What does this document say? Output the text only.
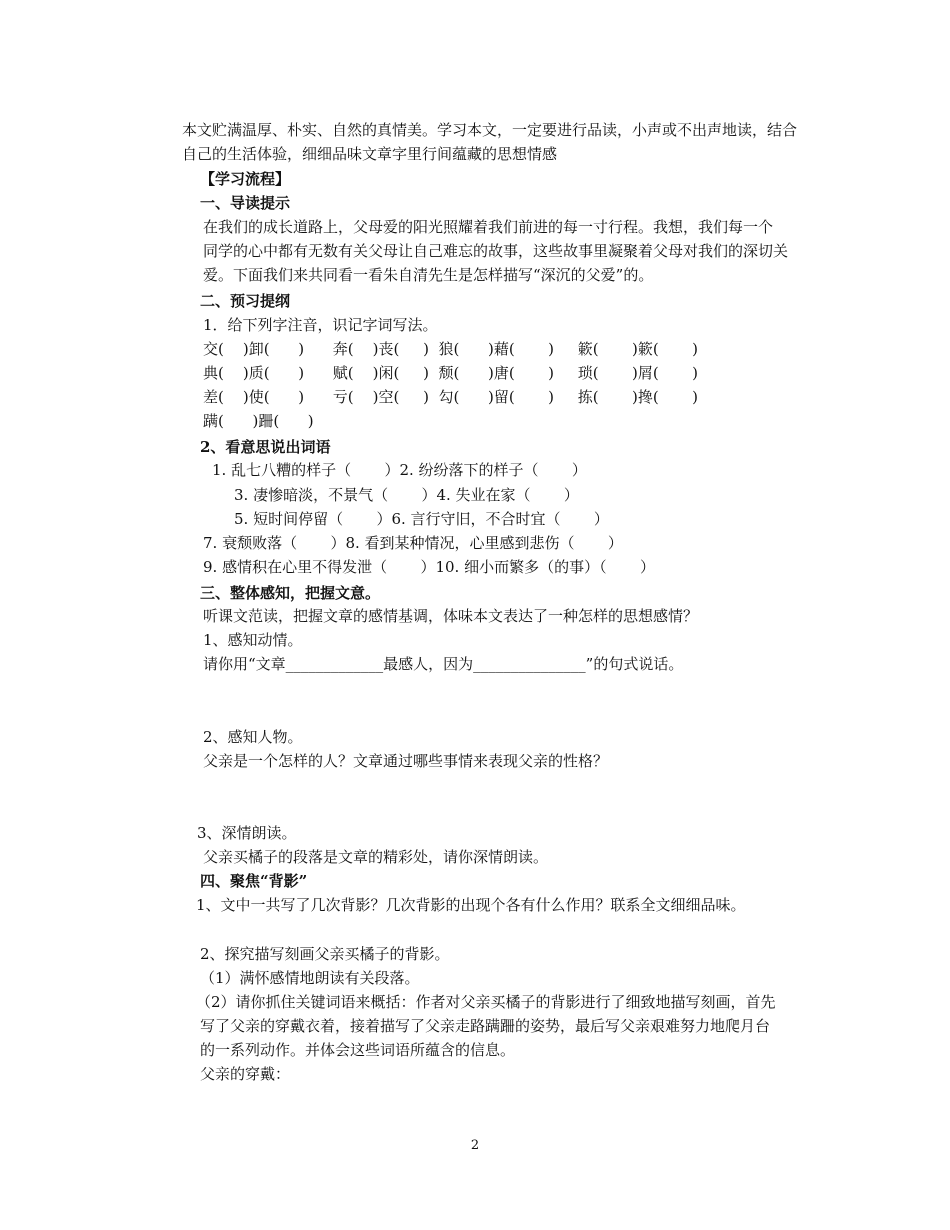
本文贮满温厚、朴实、自然的真情美。学习本文，一定要进行品读，小声或不出声地读，结合
自己的生活体验，细细品味文章字里行间蕴藏的思想情感
【学习流程】
一、导读提示
在我们的成长道路上，父母爱的阳光照耀着我们前进的每一寸行程。我想，我们每一个
同学的心中都有无数有关父母让自己难忘的故事，这些故事里凝聚着父母对我们的深切关
爱。下面我们来共同看一看朱自清先生是怎样描写“深沉的父爱”的。
二、预习提纲
1．给下列字注音，识记字词写法。
交(    )卸(      )      奔(    )丧(     )  狼(      )藉(       )     簌(       )簌(       )
典(    )质(      )      赋(    )闲(     )  颓(      )唐(       )     琐(       )屑(       )
差(    )使(      )      亏(    )空(     )  勾(      )留(       )     拣(       )搀(       )
蹒(      )跚(      )
2、看意思说出词语
1. 乱七八糟的样子（       ）2. 纷纷落下的样子（       ）
3. 凄惨暗淡，不景气（       ）4. 失业在家（       ）
5. 短时间停留（       ）6. 言行守旧，不合时宜（       ）
7. 衰颓败落（       ）8. 看到某种情况，心里感到悲伤（       ）
9. 感情积在心里不得发泄（       ）10. 细小而繁多（的事）（       ）
三、整体感知，把握文意。
听课文范读，把握文章的感情基调，体味本文表达了一种怎样的思想感情？
1、感知动情。
请你用“文章_____________最感人，因为_______________”的句式说话。
2、感知人物。
父亲是一个怎样的人？文章通过哪些事情来表现父亲的性格？
3、深情朗读。
父亲买橘子的段落是文章的精彩处，请你深情朗读。
四、聚焦“背影”
1、文中一共写了几次背影？几次背影的出现个各有什么作用？联系全文细细品味。
2、探究描写刻画父亲买橘子的背影。
（1）满怀感情地朗读有关段落。
（2）请你抓住关键词语来概括：作者对父亲买橘子的背影进行了细致地描写刻画，首先
写了父亲的穿戴衣着，接着描写了父亲走路蹒跚的姿势，最后写父亲艰难努力地爬月台
的一系列动作。并体会这些词语所蕴含的信息。
父亲的穿戴：
2
